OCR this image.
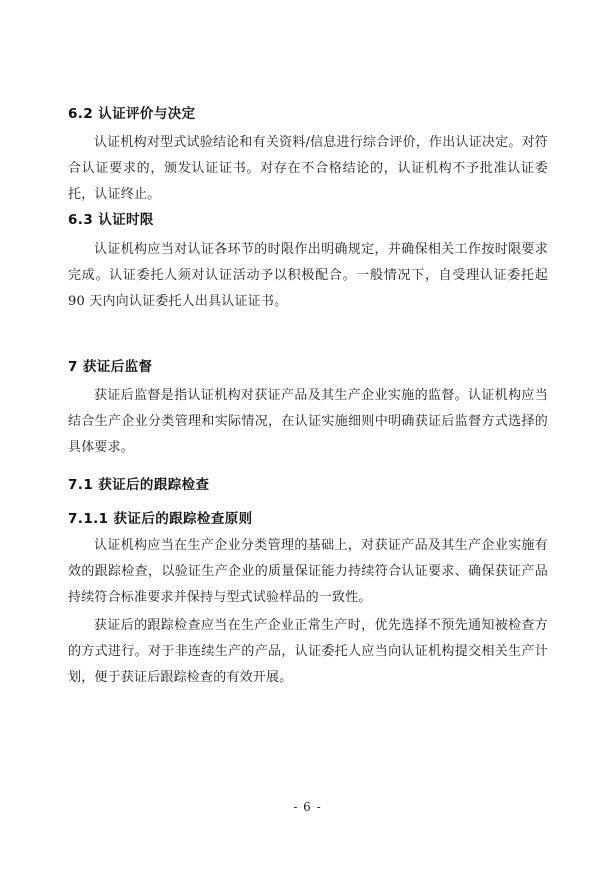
6.2 认证评价与决定

认证机构对型式试验结论和有关资料/信息进行综合评价，作出认证决定。对符合认证要求的，颁发认证证书。对存在不合格结论的，认证机构不予批准认证委托，认证终止。

6.3 认证时限

认证机构应当对认证各环节的时限作出明确规定，并确保相关工作按时限要求完成。认证委托人须对认证活动予以积极配合。一般情况下，自受理认证委托起 90 天内向认证委托人出具认证证书。

7 获证后监督

获证后监督是指认证机构对获证产品及其生产企业实施的监督。认证机构应当结合生产企业分类管理和实际情况，在认证实施细则中明确获证后监督方式选择的具体要求。

7.1 获证后的跟踪检查
7.1.1 获证后的跟踪检查原则

认证机构应当在生产企业分类管理的基础上，对获证产品及其生产企业实施有效的跟踪检查，以验证生产企业的质量保证能力持续符合认证要求、确保获证产品持续符合标准要求并保持与型式试验样品的一致性。

获证后的跟踪检查应当在生产企业正常生产时，优先选择不预先通知被检查方的方式进行。对于非连续生产的产品，认证委托人应当向认证机构提交相关生产计划，便于获证后跟踪检查的有效开展。

- 6 -
